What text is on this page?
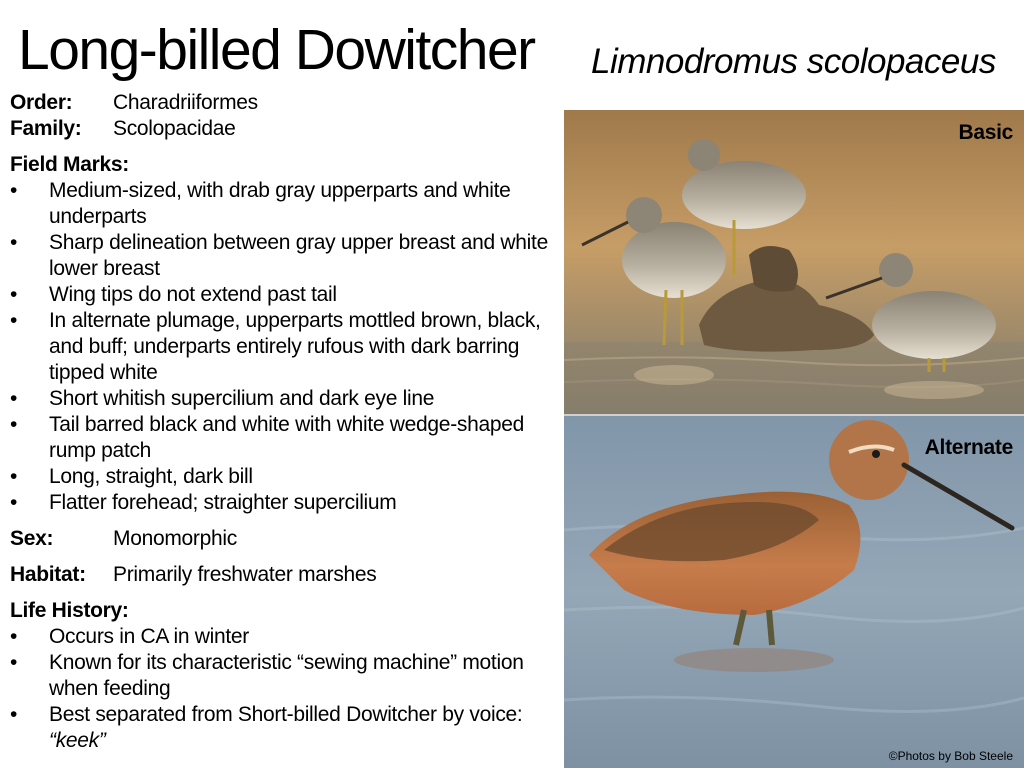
Long-billed Dowitcher Limnodromus scolopaceus
Order:	Charadriiformes
Family:	Scolopacidae
Field Marks:
• Medium-sized, with drab gray upperparts and white underparts
• Sharp delineation between gray upper breast and white lower breast
• Wing tips do not extend past tail
• In alternate plumage, upperparts mottled brown, black, and buff; underparts entirely rufous with dark barring tipped white
• Short whitish supercilium and dark eye line
• Tail barred black and white with white wedge-shaped rump patch
• Long, straight, dark bill
• Flatter forehead; straighter supercilium
Sex:	Monomorphic
Habitat:	Primarily freshwater marshes
Life History:
• Occurs in CA in winter
• Known for its characteristic “sewing machine” motion when feeding
• Best separated from Short-billed Dowitcher by voice:
“keek”
Basic
Alternate
©Photos by Bob Steele
